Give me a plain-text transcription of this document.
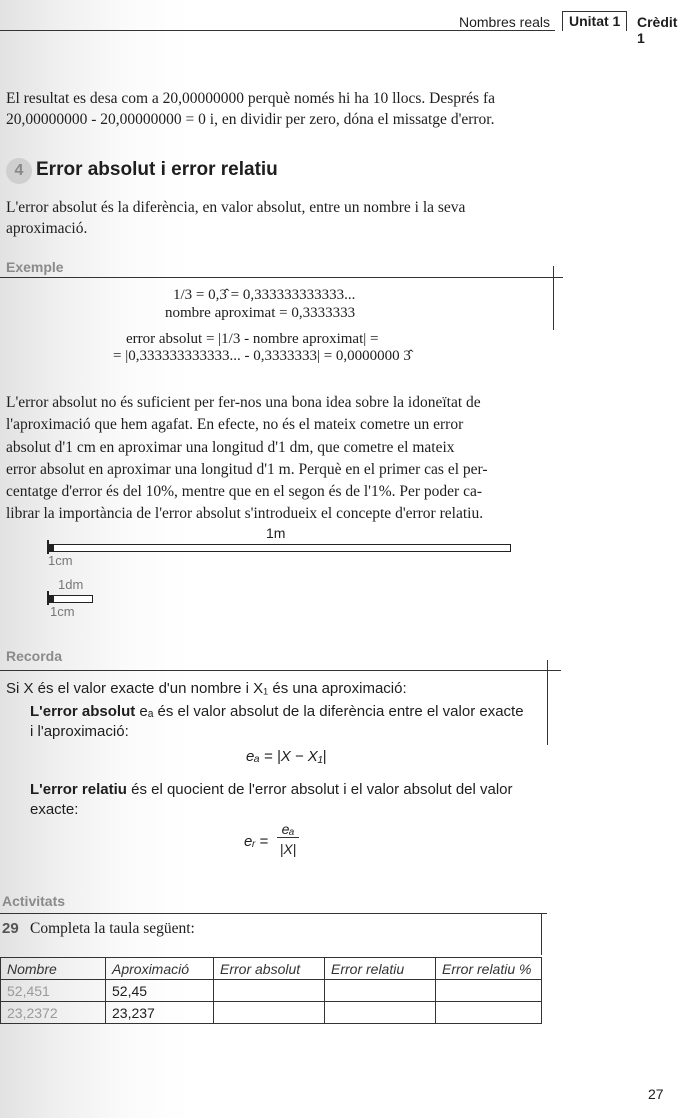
Nombres reals	Unitat 1	Crèdit 1

El resultat es desa com a 20,00000000 perquè només hi ha 10 llocs. Després fa
20,00000000 - 20,00000000 = 0 i, en dividir per zero, dóna el missatge d'error.

4 Error absolut i error relatiu

L'error absolut és la diferència, en valor absolut, entre un nombre i la seva
aproximació.

Exemple
1/3 = 0,3̂ = 0,333333333333...
nombre aproximat = 0,3333333
error absolut = |1/3 - nombre aproximat| =
= |0,333333333333... - 0,3333333| = 0,0000000 3̂

L'error absolut no és suficient per fer-nos una bona idea sobre la idoneïtat de
l'aproximació que hem agafat. En efecte, no és el mateix cometre un error
absolut d'1 cm en aproximar una longitud d'1 dm, que cometre el mateix
error absolut en aproximar una longitud d'1 m. Perquè en el primer cas el per-
centatge d'error és del 10%, mentre que en el segon és de l'1%. Per poder ca-
librar la importància de l'error absolut s'introdueix el concepte d'error relatiu.

1m
1cm
1dm
1cm
Recorda
Si X és el valor exacte d'un nombre i X₁ és una aproximació:
L'error absolut eₐ és el valor absolut de la diferència entre el valor exacte
i l'aproximació:
eₐ = |X − X₁|
L'error relatiu és el quocient de l'error absolut i el valor absolut del valor
exacte:
eᵣ =
eₐ
|X|
Activitats
29 Completa la taula següent:
Nombre	Aproximació	Error absolut	Error relatiu	Error relatiu %
52,451	52,45			
23,2372	23,237			
27
